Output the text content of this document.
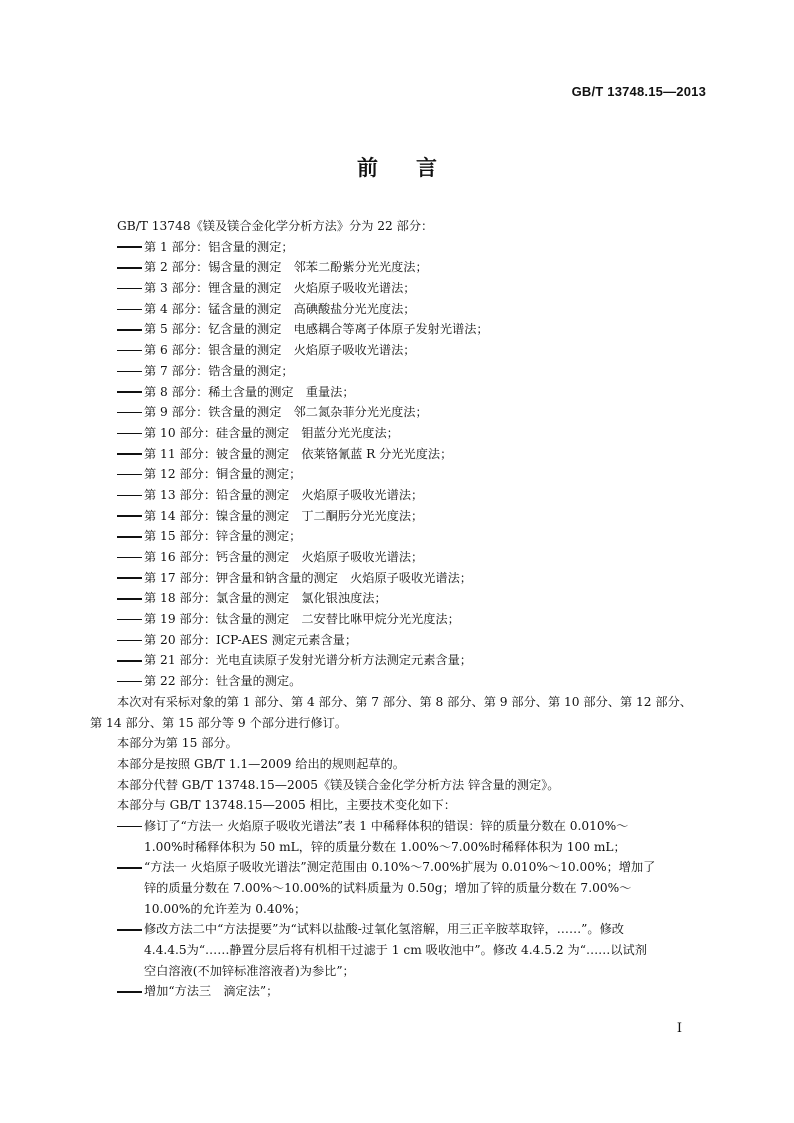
GB/T 13748.15—2013
前言
GB/T 13748《镁及镁合金化学分析方法》分为 22 部分：
第 1 部分：铝含量的测定；
第 2 部分：锡含量的测定　邻苯二酚紫分光光度法；
第 3 部分：锂含量的测定　火焰原子吸收光谱法；
第 4 部分：锰含量的测定　高碘酸盐分光光度法；
第 5 部分：钇含量的测定　电感耦合等离子体原子发射光谱法；
第 6 部分：银含量的测定　火焰原子吸收光谱法；
第 7 部分：锆含量的测定；
第 8 部分：稀土含量的测定　重量法；
第 9 部分：铁含量的测定　邻二氮杂菲分光光度法；
第 10 部分：硅含量的测定　钼蓝分光光度法；
第 11 部分：铍含量的测定　依莱铬氰蓝 R 分光光度法；
第 12 部分：铜含量的测定；
第 13 部分：铅含量的测定　火焰原子吸收光谱法；
第 14 部分：镍含量的测定　丁二酮肟分光光度法；
第 15 部分：锌含量的测定；
第 16 部分：钙含量的测定　火焰原子吸收光谱法；
第 17 部分：钾含量和钠含量的测定　火焰原子吸收光谱法；
第 18 部分：氯含量的测定　氯化银浊度法；
第 19 部分：钛含量的测定　二安替比咻甲烷分光光度法；
第 20 部分：ICP-AES 测定元素含量；
第 21 部分：光电直读原子发射光谱分析方法测定元素含量；
第 22 部分：钍含量的测定。
本次对有采标对象的第 1 部分、第 4 部分、第 7 部分、第 8 部分、第 9 部分、第 10 部分、第 12 部分、
第 14 部分、第 15 部分等 9 个部分进行修订。
本部分为第 15 部分。
本部分是按照 GB/T 1.1—2009 给出的规则起草的。
本部分代替 GB/T 13748.15—2005《镁及镁合金化学分析方法 锌含量的测定》。
本部分与 GB/T 13748.15—2005 相比，主要技术变化如下：
修订了“方法一 火焰原子吸收光谱法”表 1 中稀释体积的错误：锌的质量分数在 0.010%～
1.00%时稀释体积为 50 mL，锌的质量分数在 1.00%～7.00%时稀释体积为 100 mL；
“方法一 火焰原子吸收光谱法”测定范围由 0.10%～7.00%扩展为 0.010%～10.00%；增加了
锌的质量分数在 7.00%～10.00%的试料质量为 0.50g；增加了锌的质量分数在 7.00%～
10.00%的允许差为 0.40%；
修改方法二中“方法提要”为“试料以盐酸-过氧化氢溶解，用三正辛胺萃取锌，……”。修改
4.4.4.5为“……静置分层后将有机相干过滤于 1 cm 吸收池中”。修改 4.4.5.2 为“……以试剂
空白溶液(不加锌标准溶液者)为参比”；
增加“方法三　滴定法”；
I
